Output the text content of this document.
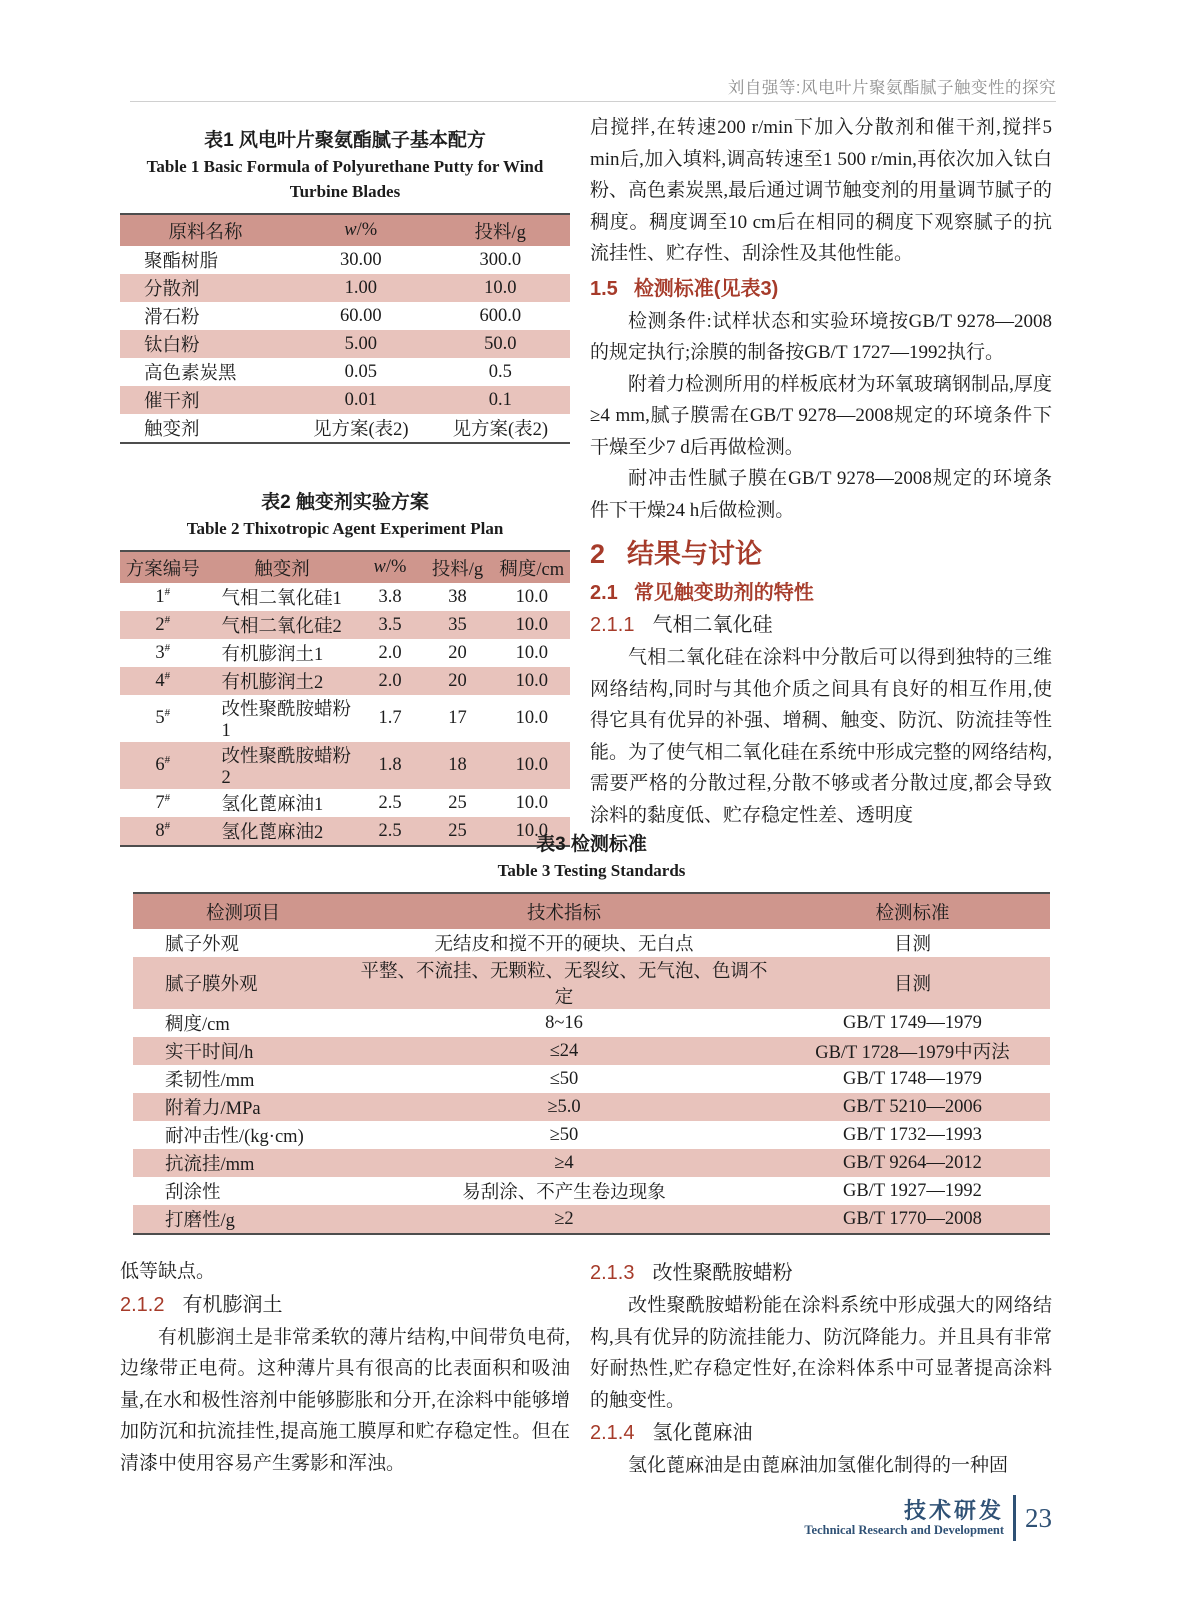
刘自强等:风电叶片聚氨酯腻子触变性的探究

表1 风电叶片聚氨酯腻子基本配方

Table 1 Basic Formula of Polyurethane Putty for Wind

Turbine Blades

原料名称	w/%	投料/g
聚酯树脂	30.00	300.0
分散剂	1.00	10.0
滑石粉	60.00	600.0
钛白粉	5.00	50.0
高色素炭黑	0.05	0.5
催干剂	0.01	0.1
触变剂	见方案(表2)	见方案(表2)

表2 触变剂实验方案

Table 2 Thixotropic Agent Experiment Plan

方案编号	触变剂	w/%	投料/g	稠度/cm
1#	气相二氧化硅1	3.8	38	10.0
2#	气相二氧化硅2	3.5	35	10.0
3#	有机膨润土1	2.0	20	10.0
4#	有机膨润土2	2.0	20	10.0
5#	改性聚酰胺蜡粉1	1.7	17	10.0
6#	改性聚酰胺蜡粉2	1.8	18	10.0
7#	氢化蓖麻油1	2.5	25	10.0
8#	氢化蓖麻油2	2.5	25	10.0

启搅拌,在转速200 r/min下加入分散剂和催干剂,搅拌5 min后,加入填料,调高转速至1 500 r/min,再依次加入钛白粉、高色素炭黑,最后通过调节触变剂的用量调节腻子的稠度。稠度调至10 cm后在相同的稠度下观察腻子的抗流挂性、贮存性、刮涂性及其他性能。

1.5 检测标准(见表3)

检测条件:试样状态和实验环境按GB/T 9278—2008的规定执行;涂膜的制备按GB/T 1727—1992执行。

附着力检测所用的样板底材为环氧玻璃钢制品,厚度≥4 mm,腻子膜需在GB/T 9278—2008规定的环境条件下干燥至少7 d后再做检测。

耐冲击性腻子膜在GB/T 9278—2008规定的环境条件下干燥24 h后做检测。

2 结果与讨论
2.1 常见触变助剂的特性
2.1.1 气相二氧化硅

气相二氧化硅在涂料中分散后可以得到独特的三维网络结构,同时与其他介质之间具有良好的相互作用,使得它具有优异的补强、增稠、触变、防沉、防流挂等性能。为了使气相二氧化硅在系统中形成完整的网络结构,需要严格的分散过程,分散不够或者分散过度,都会导致涂料的黏度低、贮存稳定性差、透明度

表3 检测标准

Table 3 Testing Standards

检测项目	技术指标	检测标准
腻子外观	无结皮和搅不开的硬块、无白点	目测
腻子膜外观	平整、不流挂、无颗粒、无裂纹、无气泡、色调不定	目测
稠度/cm	8~16	GB/T 1749—1979
实干时间/h	≤24	GB/T 1728—1979中丙法
柔韧性/mm	≤50	GB/T 1748—1979
附着力/MPa	≥5.0	GB/T 5210—2006
耐冲击性/(kg·cm)	≥50	GB/T 1732—1993
抗流挂/mm	≥4	GB/T 9264—2012
刮涂性	易刮涂、不产生卷边现象	GB/T 1927—1992
打磨性/g	≥2	GB/T 1770—2008

低等缺点。

2.1.2 有机膨润土

有机膨润土是非常柔软的薄片结构,中间带负电荷,边缘带正电荷。这种薄片具有很高的比表面积和吸油量,在水和极性溶剂中能够膨胀和分开,在涂料中能够增加防沉和抗流挂性,提高施工膜厚和贮存稳定性。但在清漆中使用容易产生雾影和浑浊。

2.1.3 改性聚酰胺蜡粉

改性聚酰胺蜡粉能在涂料系统中形成强大的网络结构,具有优异的防流挂能力、防沉降能力。并且具有非常好耐热性,贮存稳定性好,在涂料体系中可显著提高涂料的触变性。

2.1.4 氢化蓖麻油

氢化蓖麻油是由蓖麻油加氢催化制得的一种固

技术研发
Technical Research and Development 23
